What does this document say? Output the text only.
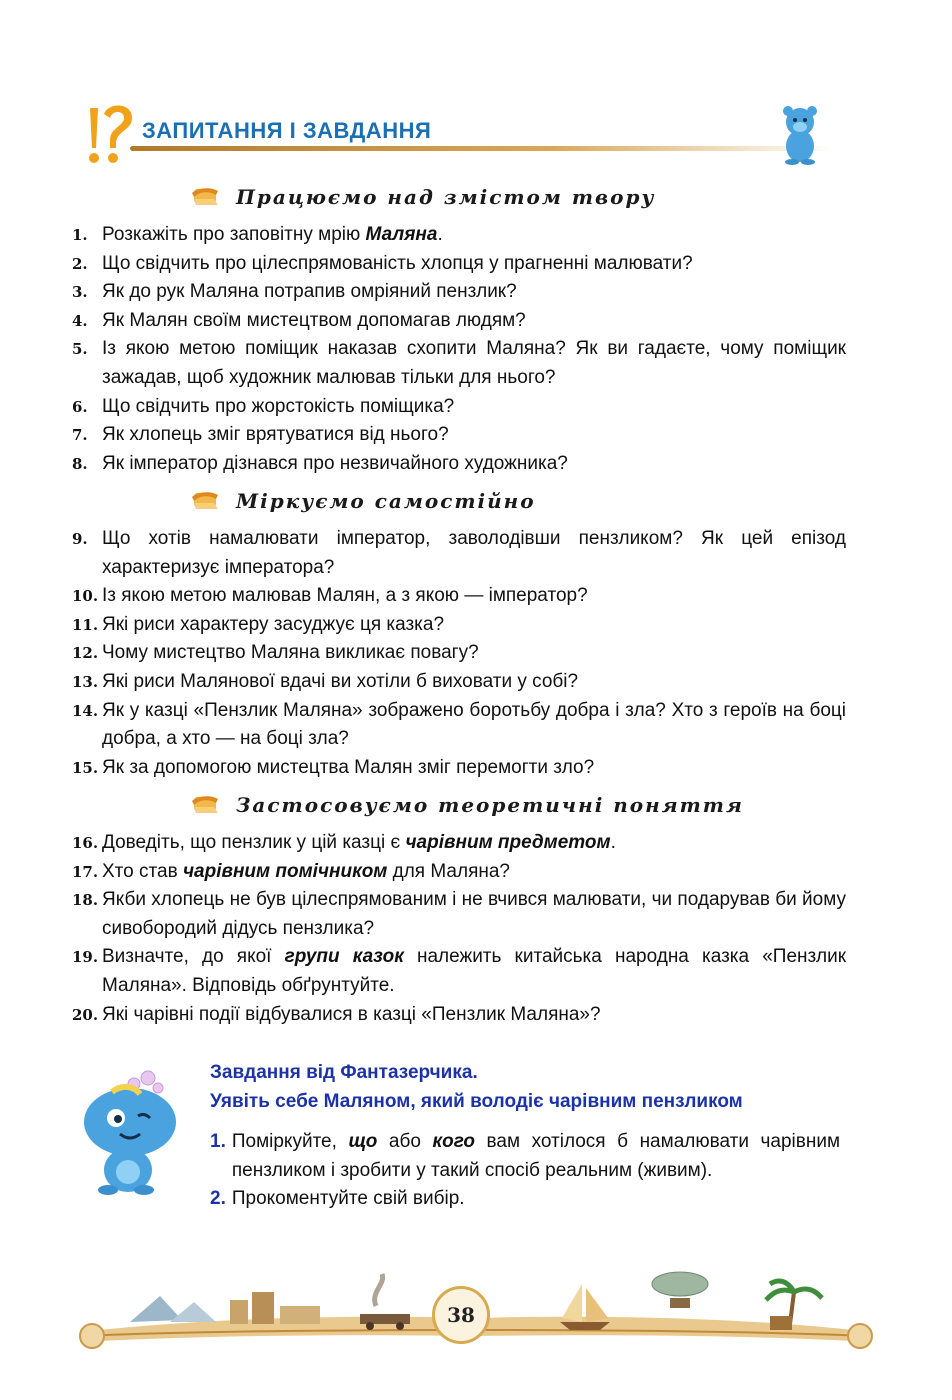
ЗАПИТАННЯ І ЗАВДАННЯ
Працюємо над змістом твору
1. Розкажіть про заповітну мрію Маляна.
2. Що свідчить про цілеспрямованість хлопця у прагненні малювати?
3. Як до рук Маляна потрапив омріяний пензлик?
4. Як Малян своїм мистецтвом допомагав людям?
5. Із якою метою поміщик наказав схопити Маляна? Як ви гадаєте, чому поміщик зажадав, щоб художник малював тільки для нього?
6. Що свідчить про жорстокість поміщика?
7. Як хлопець зміг врятуватися від нього?
8. Як імператор дізнався про незвичайного художника?
Міркуємо самостійно
9. Що хотів намалювати імператор, заволодівши пензликом? Як цей епізод характеризує імператора?
10. Із якою метою малював Малян, а з якою — імператор?
11. Які риси характеру засуджує ця казка?
12. Чому мистецтво Маляна викликає повагу?
13. Які риси Малянової вдачі ви хотіли б виховати у собі?
14. Як у казці «Пензлик Маляна» зображено боротьбу добра і зла? Хто з героїв на боці добра, а хто — на боці зла?
15. Як за допомогою мистецтва Малян зміг перемогти зло?
Застосовуємо теоретичні поняття
16. Доведіть, що пензлик у цій казці є чарівним предметом.
17. Хто став чарівним помічником для Маляна?
18. Якби хлопець не був цілеспрямованим і не вчився малювати, чи подарував би йому сивобородий дідусь пензлика?
19. Визначте, до якої групи казок належить китайська народна казка «Пензлик Маляна». Відповідь обґрунтуйте.
20. Які чарівні події відбувалися в казці «Пензлик Маляна»?
Завдання від Фантазерчика.
Уявіть себе Маляном, який володіє чарівним пензликом
1. Поміркуйте, що або кого вам хотілося б намалювати чарівним пензликом і зробити у такий спосіб реальним (живим).
2. Прокоментуйте свій вибір.
38
